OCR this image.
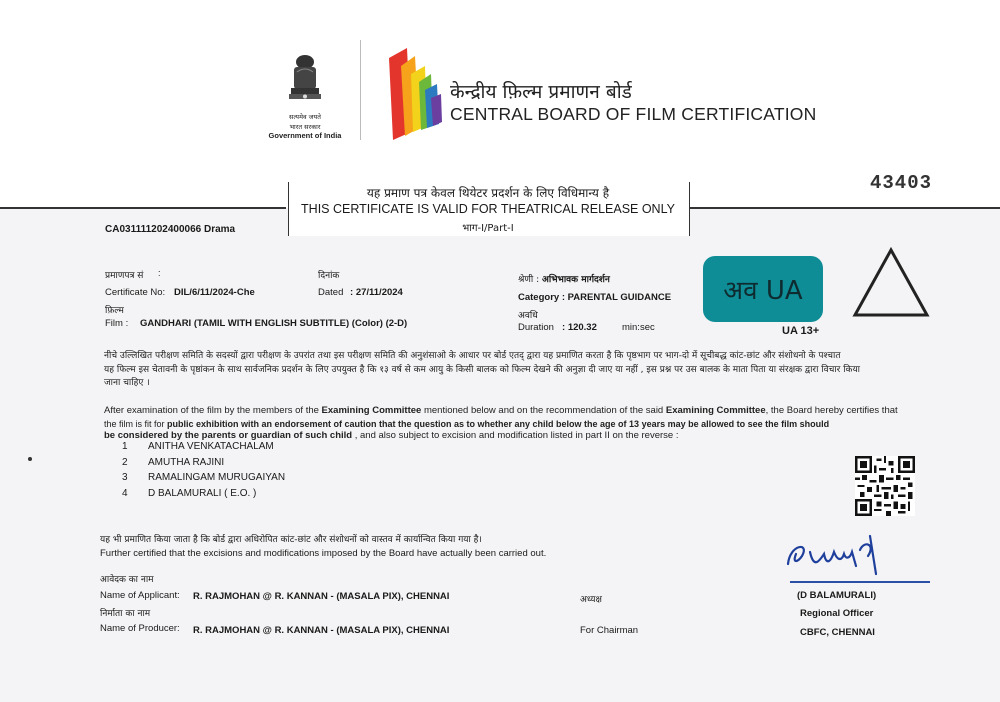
सत्यमेव जयते
भारत सरकार
Government of India
केन्द्रीय फ़िल्म प्रमाणन बोर्ड
CENTRAL BOARD OF FILM CERTIFICATION
43403
यह प्रमाण पत्र केवल थियेटर प्रदर्शन के लिए विधिमान्य है
THIS CERTIFICATE IS VALID FOR THEATRICAL RELEASE ONLY
भाग-I/Part-I
CA031111202400066 Drama
प्रमाणपत्र सं :
Certificate No: DIL/6/11/2024-Che
दिनांक
Dated : 27/11/2024
फ़िल्म
Film : GANDHARI (TAMIL WITH ENGLISH SUBTITLE) (Color) (2-D)
श्रेणी : अभिभावक मार्गदर्शन
Category : PARENTAL GUIDANCE
अवधि
Duration : 120.32	min:sec
अव UA
UA 13+
नीचे उल्लिखित परीक्षण समिति के सदस्यों द्वारा परीक्षण के उपरांत तथा इस परीक्षण समिति की अनुशंसाओ के आधार पर बोर्ड एतद् द्वारा यह प्रमाणित करता है कि पृष्ठभाग पर भाग-दो में सूचीबद्ध कांट-छांट और संशोधनो के पश्चात
यह फिल्म इस चेतावनी के पृष्ठांकन के साथ सार्वजनिक प्रदर्शन के लिए उपयुक्त है कि १३ वर्ष से कम आयु के किसी बालक को फिल्म देखने की अनुज्ञा दी जाए या नहीं , इस प्रश्न पर उस बालक के माता पिता या संरक्षक द्वारा विचार किया
जाना चाहिए ।
After examination of the film by the members of the Examining Committee mentioned below and on the recommendation of the said Examining Committee, the Board hereby certifies that
the film is fit for public exhibition with an endorsement of caution that the question as to whether any child below the age of 13 years may be allowed to see the film should
be considered by the parents or guardian of such child , and also subject to excision and modification listed in part II on the reverse :
1 ANITHA VENKATACHALAM
2 AMUTHA RAJINI
3 RAMALINGAM MURUGAIYAN
4 D BALAMURALI ( E.O. )
यह भी प्रमाणित किया जाता है कि बोर्ड द्वारा अधिरोपित कांट-छांट और संशोधनों को वास्तव में कार्यान्वित किया गया है।
Further certified that the excisions and modifications imposed by the Board have actually been carried out.
आवेदक का नाम
Name of Applicant : R. RAJMOHAN @ R. KANNAN - (MASALA PIX), CHENNAI
निर्माता का नाम
Name of Producer : R. RAJMOHAN @ R. KANNAN - (MASALA PIX), CHENNAI
अध्यक्ष
For Chairman
(D BALAMURALI)
Regional Officer
CBFC, CHENNAI
